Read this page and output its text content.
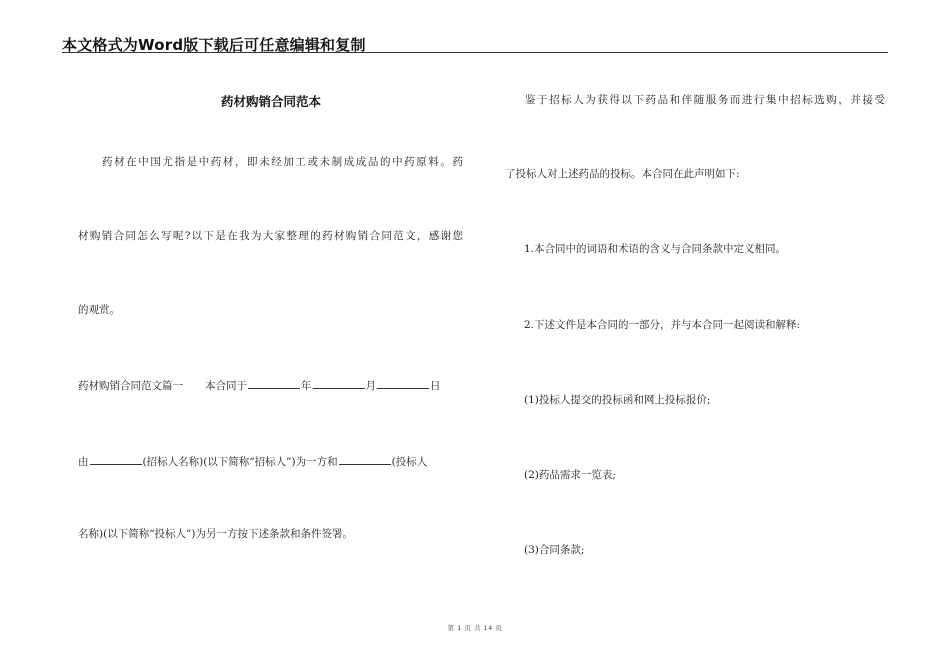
本文格式为Word版下载后可任意编辑和复制
药材购销合同范本
药材在中国尤指是中药材，即未经加工或未制成成品的中药原料。药
材购销合同怎么写呢?以下是在我为大家整理的药材购销合同范文，感谢您
的观赏。
药材购销合同范文篇一 本合同于	年	月	日
由	(招标人名称)(以下简称“招标人”)为一方和	(投标人
名称)(以下简称“投标人”)为另一方按下述条款和条件签署。
鉴于招标人为获得以下药品和伴随服务而进行集中招标选购，并接受
了投标人对上述药品的投标。本合同在此声明如下:
1.本合同中的词语和术语的含义与合同条款中定义相同。
2.下述文件是本合同的一部分，并与本合同一起阅读和解释:
(1)投标人提交的投标函和网上投标报价;
(2)药品需求一览表;
(3)合同条款;
第 1 页 共 14 页
